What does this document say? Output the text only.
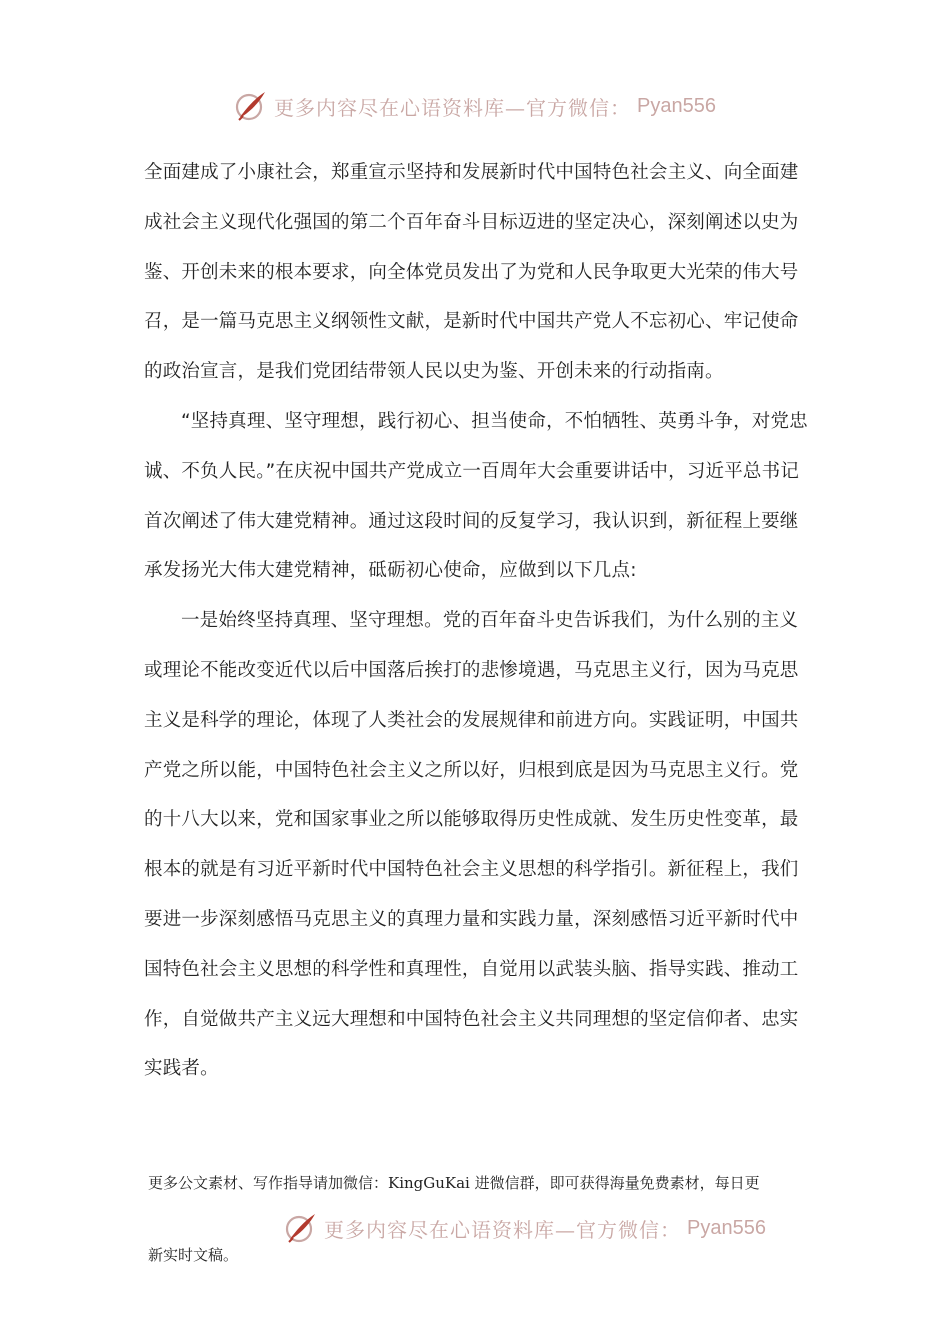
更多内容尽在心语资料库—官方微信： Pyan556

全面建成了小康社会，郑重宣示坚持和发展新时代中国特色社会主义、向全面建成社会主义现代化强国的第二个百年奋斗目标迈进的坚定决心，深刻阐述以史为鉴、开创未来的根本要求，向全体党员发出了为党和人民争取更大光荣的伟大号召，是一篇马克思主义纲领性文献，是新时代中国共产党人不忘初心、牢记使命的政治宣言，是我们党团结带领人民以史为鉴、开创未来的行动指南。

“坚持真理、坚守理想，践行初心、担当使命，不怕牺牲、英勇斗争，对党忠诚、不负人民。”在庆祝中国共产党成立一百周年大会重要讲话中，习近平总书记首次阐述了伟大建党精神。通过这段时间的反复学习，我认识到，新征程上要继承发扬光大伟大建党精神，砥砺初心使命，应做到以下几点:

一是始终坚持真理、坚守理想。党的百年奋斗史告诉我们，为什么别的主义或理论不能改变近代以后中国落后挨打的悲惨境遇，马克思主义行，因为马克思主义是科学的理论，体现了人类社会的发展规律和前进方向。实践证明，中国共产党之所以能，中国特色社会主义之所以好，归根到底是因为马克思主义行。党的十八大以来，党和国家事业之所以能够取得历史性成就、发生历史性变革，最根本的就是有习近平新时代中国特色社会主义思想的科学指引。新征程上，我们要进一步深刻感悟马克思主义的真理力量和实践力量，深刻感悟习近平新时代中国特色社会主义思想的科学性和真理性，自觉用以武装头脑、指导实践、推动工作，自觉做共产主义远大理想和中国特色社会主义共同理想的坚定信仰者、忠实实践者。

更多公文素材、写作指导请加微信：KingGuKai 进微信群，即可获得海量免费素材，每日更
更多内容尽在心语资料库—官方微信： Pyan556
新实时文稿。
